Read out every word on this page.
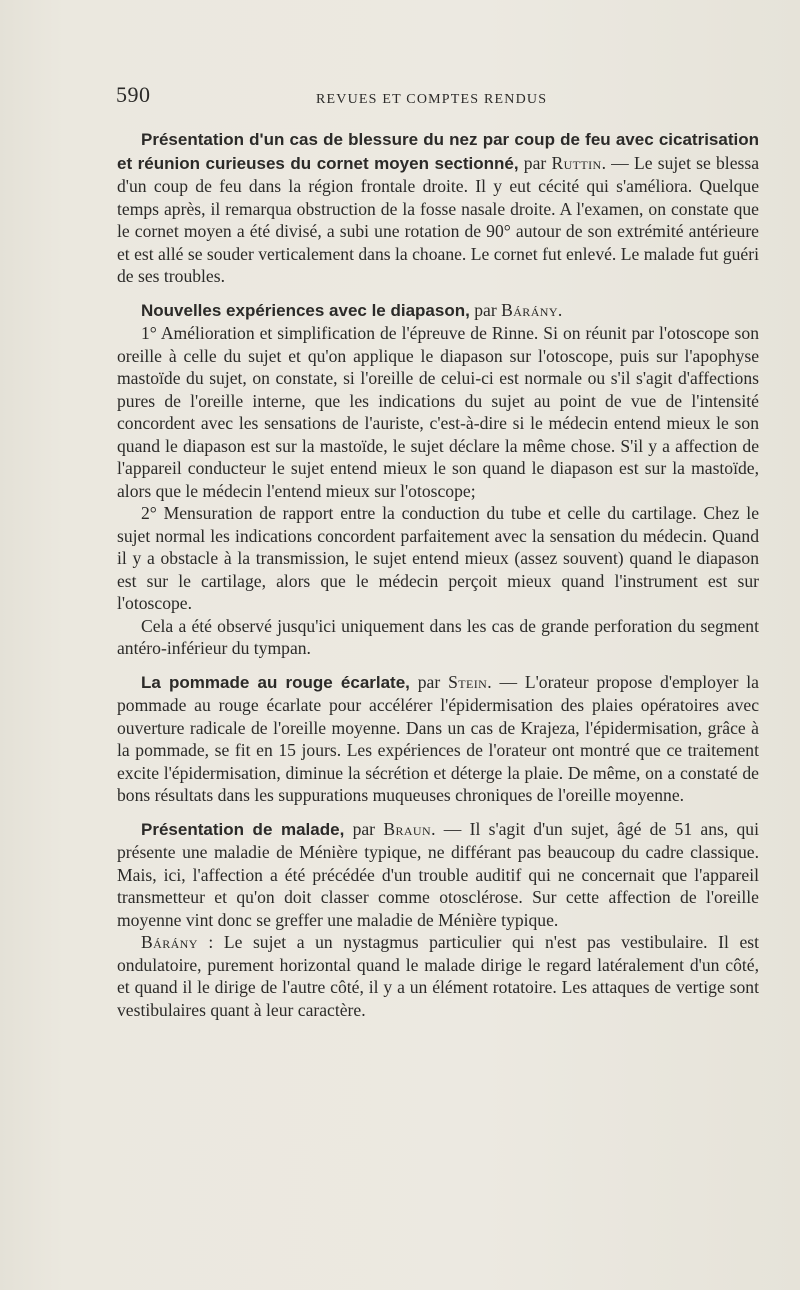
590	REVUES ET COMPTES RENDUS

Présentation d'un cas de blessure du nez par coup de feu avec cicatrisation et réunion curieuses du cornet moyen sectionné, par Ruttin. — Le sujet se blessa d'un coup de feu dans la région frontale droite. Il y eut cécité qui s'améliora. Quelque temps après, il remarqua obstruction de la fosse nasale droite. A l'examen, on constate que le cornet moyen a été divisé, a subi une rotation de 90° autour de son extrémité antérieure et est allé se souder verticalement dans la choane. Le cornet fut enlevé. Le malade fut guéri de ses troubles.

Nouvelles expériences avec le diapason, par Bárány.

1° Amélioration et simplification de l'épreuve de Rinne. Si on réunit par l'otoscope son oreille à celle du sujet et qu'on applique le diapason sur l'otoscope, puis sur l'apophyse mastoïde du sujet, on constate, si l'oreille de celui-ci est normale ou s'il s'agit d'affections pures de l'oreille interne, que les indications du sujet au point de vue de l'intensité concordent avec les sensations de l'auriste, c'est-à-dire si le médecin entend mieux le son quand le diapason est sur la mastoïde, le sujet déclare la même chose. S'il y a affection de l'appareil conducteur le sujet entend mieux le son quand le diapason est sur la mastoïde, alors que le médecin l'entend mieux sur l'otoscope;

2° Mensuration de rapport entre la conduction du tube et celle du cartilage. Chez le sujet normal les indications concordent parfaitement avec la sensation du médecin. Quand il y a obstacle à la transmission, le sujet entend mieux (assez souvent) quand le diapason est sur le cartilage, alors que le médecin perçoit mieux quand l'instrument est sur l'otoscope.

Cela a été observé jusqu'ici uniquement dans les cas de grande perforation du segment antéro-inférieur du tympan.

La pommade au rouge écarlate, par Stein. — L'orateur propose d'employer la pommade au rouge écarlate pour accélérer l'épidermisation des plaies opératoires avec ouverture radicale de l'oreille moyenne. Dans un cas de Krajeza, l'épidermisation, grâce à la pommade, se fit en 15 jours. Les expériences de l'orateur ont montré que ce traitement excite l'épidermisation, diminue la sécrétion et déterge la plaie. De même, on a constaté de bons résultats dans les suppurations muqueuses chroniques de l'oreille moyenne.

Présentation de malade, par Braun. — Il s'agit d'un sujet, âgé de 51 ans, qui présente une maladie de Ménière typique, ne différant pas beaucoup du cadre classique. Mais, ici, l'affection a été précédée d'un trouble auditif qui ne concernait que l'appareil transmetteur et qu'on doit classer comme otosclérose. Sur cette affection de l'oreille moyenne vint donc se greffer une maladie de Ménière typique.

Bárány : Le sujet a un nystagmus particulier qui n'est pas vestibulaire. Il est ondulatoire, purement horizontal quand le malade dirige le regard latéralement d'un côté, et quand il le dirige de l'autre côté, il y a un élément rotatoire. Les attaques de vertige sont vestibulaires quant à leur caractère.
